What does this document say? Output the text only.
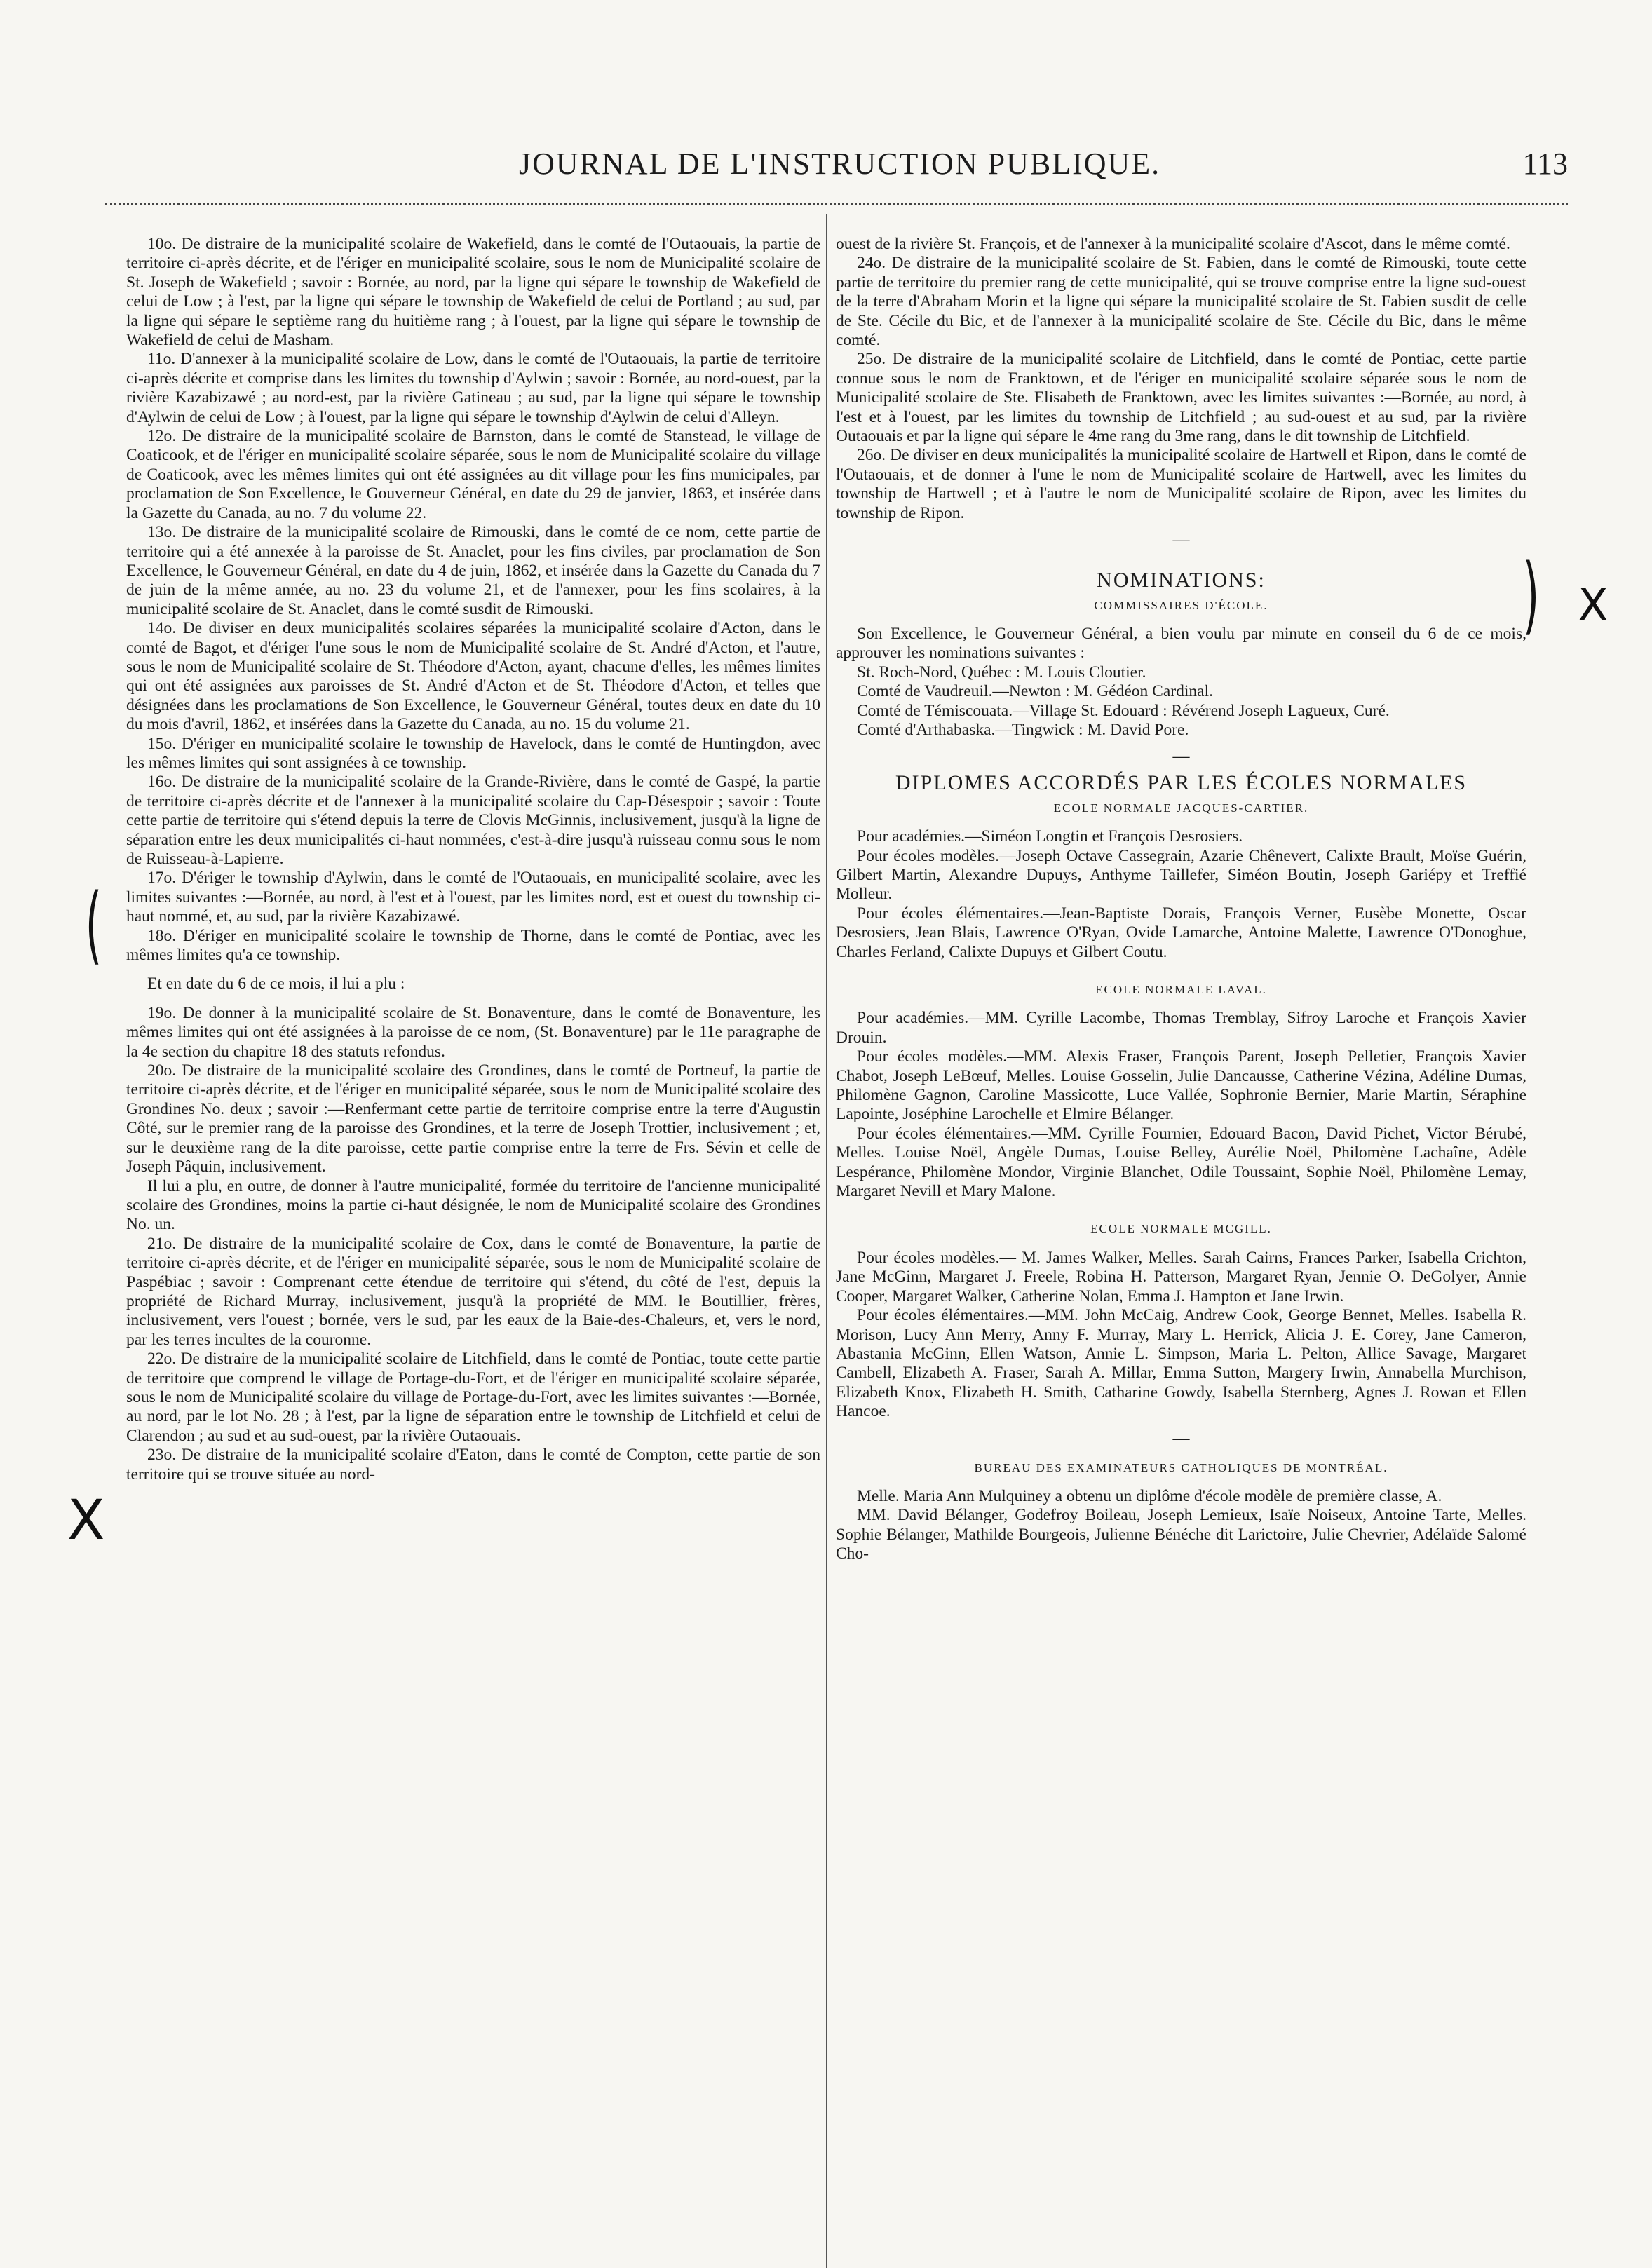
JOURNAL DE L'INSTRUCTION PUBLIQUE.	113

10o. De distraire de la municipalité scolaire de Wakefield, dans le comté de l'Outaouais, la partie de territoire ci-après décrite, et de l'ériger en municipalité scolaire, sous le nom de Municipalité scolaire de St. Joseph de Wakefield ; savoir : Bornée, au nord, par la ligne qui sépare le township de Wakefield de celui de Low ; à l'est, par la ligne qui sépare le township de Wakefield de celui de Portland ; au sud, par la ligne qui sépare le septième rang du huitième rang ; à l'ouest, par la ligne qui sépare le township de Wakefield de celui de Masham.

11o. D'annexer à la municipalité scolaire de Low, dans le comté de l'Outaouais, la partie de territoire ci-après décrite et comprise dans les limites du township d'Aylwin ; savoir : Bornée, au nord-ouest, par la rivière Kazabizawé ; au nord-est, par la rivière Gatineau ; au sud, par la ligne qui sépare le township d'Aylwin de celui de Low ; à l'ouest, par la ligne qui sépare le township d'Aylwin de celui d'Alleyn.

12o. De distraire de la municipalité scolaire de Barnston, dans le comté de Stanstead, le village de Coaticook, et de l'ériger en municipalité scolaire séparée, sous le nom de Municipalité scolaire du village de Coaticook, avec les mêmes limites qui ont été assignées au dit village pour les fins municipales, par proclamation de Son Excellence, le Gouverneur Général, en date du 29 de janvier, 1863, et insérée dans la Gazette du Canada, au no. 7 du volume 22.

13o. De distraire de la municipalité scolaire de Rimouski, dans le comté de ce nom, cette partie de territoire qui a été annexée à la paroisse de St. Anaclet, pour les fins civiles, par proclamation de Son Excellence, le Gouverneur Général, en date du 4 de juin, 1862, et insérée dans la Gazette du Canada du 7 de juin de la même année, au no. 23 du volume 21, et de l'annexer, pour les fins scolaires, à la municipalité scolaire de St. Anaclet, dans le comté susdit de Rimouski.

14o. De diviser en deux municipalités scolaires séparées la municipalité scolaire d'Acton, dans le comté de Bagot, et d'ériger l'une sous le nom de Municipalité scolaire de St. André d'Acton, et l'autre, sous le nom de Municipalité scolaire de St. Théodore d'Acton, ayant, chacune d'elles, les mêmes limites qui ont été assignées aux paroisses de St. André d'Acton et de St. Théodore d'Acton, et telles que désignées dans les proclamations de Son Excellence, le Gouverneur Général, toutes deux en date du 10 du mois d'avril, 1862, et insérées dans la Gazette du Canada, au no. 15 du volume 21.

15o. D'ériger en municipalité scolaire le township de Havelock, dans le comté de Huntingdon, avec les mêmes limites qui sont assignées à ce township.

16o. De distraire de la municipalité scolaire de la Grande-Rivière, dans le comté de Gaspé, la partie de territoire ci-après décrite et de l'annexer à la municipalité scolaire du Cap-Désespoir ; savoir : Toute cette partie de territoire qui s'étend depuis la terre de Clovis McGinnis, inclusivement, jusqu'à la ligne de séparation entre les deux municipalités ci-haut nommées, c'est-à-dire jusqu'à ruisseau connu sous le nom de Ruisseau-à-Lapierre.

17o. D'ériger le township d'Aylwin, dans le comté de l'Outaouais, en municipalité scolaire, avec les limites suivantes :—Bornée, au nord, à l'est et à l'ouest, par les limites nord, est et ouest du township ci-haut nommé, et, au sud, par la rivière Kazabizawé.

18o. D'ériger en municipalité scolaire le township de Thorne, dans le comté de Pontiac, avec les mêmes limites qu'a ce township.

Et en date du 6 de ce mois, il lui a plu :

19o. De donner à la municipalité scolaire de St. Bonaventure, dans le comté de Bonaventure, les mêmes limites qui ont été assignées à la paroisse de ce nom, (St. Bonaventure) par le 11e paragraphe de la 4e section du chapitre 18 des statuts refondus.

20o. De distraire de la municipalité scolaire des Grondines, dans le comté de Portneuf, la partie de territoire ci-après décrite, et de l'ériger en municipalité séparée, sous le nom de Municipalité scolaire des Grondines No. deux ; savoir :—Renfermant cette partie de territoire comprise entre la terre d'Augustin Côté, sur le premier rang de la paroisse des Grondines, et la terre de Joseph Trottier, inclusivement ; et, sur le deuxième rang de la dite paroisse, cette partie comprise entre la terre de Frs. Sévin et celle de Joseph Pâquin, inclusivement.

Il lui a plu, en outre, de donner à l'autre municipalité, formée du territoire de l'ancienne municipalité scolaire des Grondines, moins la partie ci-haut désignée, le nom de Municipalité scolaire des Grondines No. un.

21o. De distraire de la municipalité scolaire de Cox, dans le comté de Bonaventure, la partie de territoire ci-après décrite, et de l'ériger en municipalité séparée, sous le nom de Municipalité scolaire de Paspébiac ; savoir : Comprenant cette étendue de territoire qui s'étend, du côté de l'est, depuis la propriété de Richard Murray, inclusivement, jusqu'à la propriété de MM. le Boutillier, frères, inclusivement, vers l'ouest ; bornée, vers le sud, par les eaux de la Baie-des-Chaleurs, et, vers le nord, par les terres incultes de la couronne.

22o. De distraire de la municipalité scolaire de Litchfield, dans le comté de Pontiac, toute cette partie de territoire que comprend le village de Portage-du-Fort, et de l'ériger en municipalité scolaire séparée, sous le nom de Municipalité scolaire du village de Portage-du-Fort, avec les limites suivantes :—Bornée, au nord, par le lot No. 28 ; à l'est, par la ligne de séparation entre le township de Litchfield et celui de Clarendon ; au sud et au sud-ouest, par la rivière Outaouais.

23o. De distraire de la municipalité scolaire d'Eaton, dans le comté de Compton, cette partie de son territoire qui se trouve située au nord-

ouest de la rivière St. François, et de l'annexer à la municipalité scolaire d'Ascot, dans le même comté.

24o. De distraire de la municipalité scolaire de St. Fabien, dans le comté de Rimouski, toute cette partie de territoire du premier rang de cette municipalité, qui se trouve comprise entre la ligne sud-ouest de la terre d'Abraham Morin et la ligne qui sépare la municipalité scolaire de St. Fabien susdit de celle de Ste. Cécile du Bic, et de l'annexer à la municipalité scolaire de Ste. Cécile du Bic, dans le même comté.

25o. De distraire de la municipalité scolaire de Litchfield, dans le comté de Pontiac, cette partie connue sous le nom de Franktown, et de l'ériger en municipalité scolaire séparée sous le nom de Municipalité scolaire de Ste. Elisabeth de Franktown, avec les limites suivantes :—Bornée, au nord, à l'est et à l'ouest, par les limites du township de Litchfield ; au sud-ouest et au sud, par la rivière Outaouais et par la ligne qui sépare le 4me rang du 3me rang, dans le dit township de Litchfield.

26o. De diviser en deux municipalités la municipalité scolaire de Hartwell et Ripon, dans le comté de l'Outaouais, et de donner à l'une le nom de Municipalité scolaire de Hartwell, avec les limites du township de Hartwell ; et à l'autre le nom de Municipalité scolaire de Ripon, avec les limites du township de Ripon.

—
NOMINATIONS:
COMMISSAIRES D'ÉCOLE.

Son Excellence, le Gouverneur Général, a bien voulu par minute en conseil du 6 de ce mois, approuver les nominations suivantes :

St. Roch-Nord, Québec : M. Louis Cloutier.

Comté de Vaudreuil.—Newton : M. Gédéon Cardinal.

Comté de Témiscouata.—Village St. Edouard : Révérend Joseph Lagueux, Curé.

Comté d'Arthabaska.—Tingwick : M. David Pore.

—
DIPLOMES ACCORDÉS PAR LES ÉCOLES NORMALES
ECOLE NORMALE JACQUES-CARTIER.

Pour académies.—Siméon Longtin et François Desrosiers.

Pour écoles modèles.—Joseph Octave Cassegrain, Azarie Chênevert, Calixte Brault, Moïse Guérin, Gilbert Martin, Alexandre Dupuys, Anthyme Taillefer, Siméon Boutin, Joseph Gariépy et Treffié Molleur.

Pour écoles élémentaires.—Jean-Baptiste Dorais, François Verner, Eusèbe Monette, Oscar Desrosiers, Jean Blais, Lawrence O'Ryan, Ovide Lamarche, Antoine Malette, Lawrence O'Donoghue, Charles Ferland, Calixte Dupuys et Gilbert Coutu.

ECOLE NORMALE LAVAL.

Pour académies.—MM. Cyrille Lacombe, Thomas Tremblay, Sifroy Laroche et François Xavier Drouin.

Pour écoles modèles.—MM. Alexis Fraser, François Parent, Joseph Pelletier, François Xavier Chabot, Joseph LeBœuf, Melles. Louise Gosselin, Julie Dancausse, Catherine Vézina, Adéline Dumas, Philomène Gagnon, Caroline Massicotte, Luce Vallée, Sophronie Bernier, Marie Martin, Séraphine Lapointe, Joséphine Larochelle et Elmire Bélanger.

Pour écoles élémentaires.—MM. Cyrille Fournier, Edouard Bacon, David Pichet, Victor Bérubé, Melles. Louise Noël, Angèle Dumas, Louise Belley, Aurélie Noël, Philomène Lachaîne, Adèle Lespérance, Philomène Mondor, Virginie Blanchet, Odile Toussaint, Sophie Noël, Philomène Lemay, Margaret Nevill et Mary Malone.

ECOLE NORMALE MCGILL.

Pour écoles modèles.— M. James Walker, Melles. Sarah Cairns, Frances Parker, Isabella Crichton, Jane McGinn, Margaret J. Freele, Robina H. Patterson, Margaret Ryan, Jennie O. DeGolyer, Annie Cooper, Margaret Walker, Catherine Nolan, Emma J. Hampton et Jane Irwin.

Pour écoles élémentaires.—MM. John McCaig, Andrew Cook, George Bennet, Melles. Isabella R. Morison, Lucy Ann Merry, Anny F. Murray, Mary L. Herrick, Alicia J. E. Corey, Jane Cameron, Abastania McGinn, Ellen Watson, Annie L. Simpson, Maria L. Pelton, Allice Savage, Margaret Cambell, Elizabeth A. Fraser, Sarah A. Millar, Emma Sutton, Margery Irwin, Annabella Murchison, Elizabeth Knox, Elizabeth H. Smith, Catharine Gowdy, Isabella Sternberg, Agnes J. Rowan et Ellen Hancoe.

—
BUREAU DES EXAMINATEURS CATHOLIQUES DE MONTRÉAL.

Melle. Maria Ann Mulquiney a obtenu un diplôme d'école modèle de première classe, A.

MM. David Bélanger, Godefroy Boileau, Joseph Lemieux, Isaïe Noiseux, Antoine Tarte, Melles. Sophie Bélanger, Mathilde Bourgeois, Julienne Bénéche dit Larictoire, Julie Chevrier, Adélaïde Salomé Cho-

X
) X
(
